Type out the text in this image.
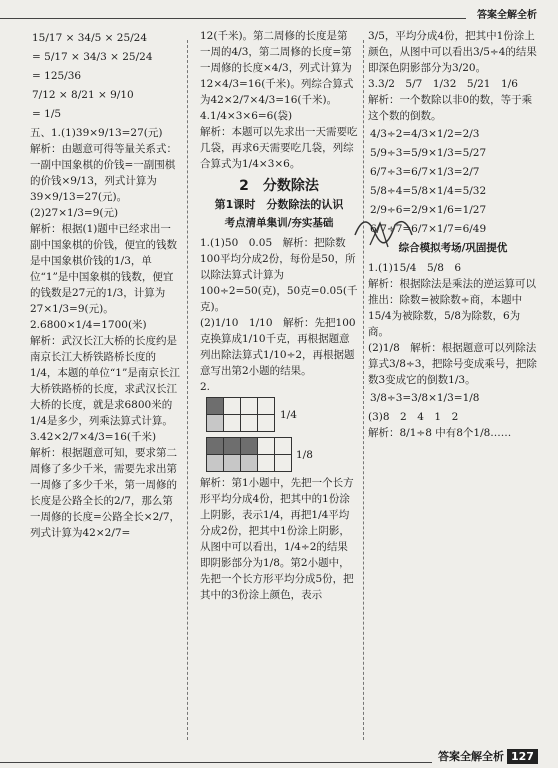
答案全解全析

15/17 × 34/5 × 25/24

= 5/17 × 34/3 × 25/24

= 125/36

7/12 × 8/21 × 9/10

= 1/5

五、1.(1)39×9/13=27(元)

解析：由题意可得等量关系式：一副中国象棋的价钱=一副围棋的价钱×9/13，列式计算为39×9/13=27(元)。

(2)27×1/3=9(元)

解析：根据(1)题中已经求出一副中国象棋的价钱，便宜的钱数是中国象棋价钱的1/3，单位“1”是中国象棋的钱数，便宜的钱数是27元的1/3，计算为27×1/3=9(元)。

2.6800×1/4=1700(米)

解析：武汉长江大桥的长度约是南京长江大桥铁路桥长度的1/4，本题的单位“1”是南京长江大桥铁路桥的长度，求武汉长江大桥的长度，就是求6800米的1/4是多少，列乘法算式计算。

3.42×2/7×4/3=16(千米)

解析：根据题意可知，要求第二周修了多少千米，需要先求出第一周修了多少千米，第一周修的长度是公路全长的2/7，那么第一周修的长度=公路全长×2/7，列式计算为42×2/7=

12(千米)。第二周修的长度是第一周的4/3，第二周修的长度=第一周修的长度×4/3，列式计算为12×4/3=16(千米)。列综合算式为42×2/7×4/3=16(千米)。

4.1/4×3×6=6(袋)

解析：本题可以先求出一天需要吃几袋，再求6天需要吃几袋，列综合算式为1/4×3×6。

2　分数除法

第1课时　分数除法的认识

考点清单集训/夯实基础

1.(1)50　0.05　解析：把除数100平均分成2份，每份是50，所以除法算式计算为100÷2=50(克)，50克=0.05(千克)。

(2)1/10　1/10　解析：先把100克换算成1/10千克，再根据题意列出除法算式1/10÷2，再根据题意写出第2小题的结果。

2.

1/4

1/8

解析：第1小题中，先把一个长方形平均分成4份，把其中的1份涂上阴影，表示1/4，再把1/4平均分成2份，把其中1份涂上阴影，从图中可以看出，1/4÷2的结果即阴影部分为1/8。第2小题中，先把一个长方形平均分成5份，把其中的3份涂上颜色，表示

3/5，平均分成4份，把其中1份涂上颜色，从图中可以看出3/5÷4的结果即深色阴影部分为3/20。

3.3/2　5/7　1/32　5/21　1/6

解析：一个数除以非0的数，等于乘这个数的倒数。

4/3÷2=4/3×1/2=2/3

5/9÷3=5/9×1/3=5/27

6/7÷3=6/7×1/3=2/7

5/8÷4=5/8×1/4=5/32

2/9÷6=2/9×1/6=1/27

6/7÷7=6/7×1/7=6/49

综合模拟考场/巩固提优

1.(1)15/4　5/8　6

解析：根据除法是乘法的逆运算可以推出：除数=被除数÷商，本题中15/4为被除数，5/8为除数，6为商。

(2)1/8　解析：根据题意可以列除法算式3/8÷3，把除号变成乘号，把除数3变成它的倒数1/3。

3/8÷3=3/8×1/3=1/8

(3)8　2　4　1　2

解析：8/1÷8 中有8个1/8……

答案全解全析 127
